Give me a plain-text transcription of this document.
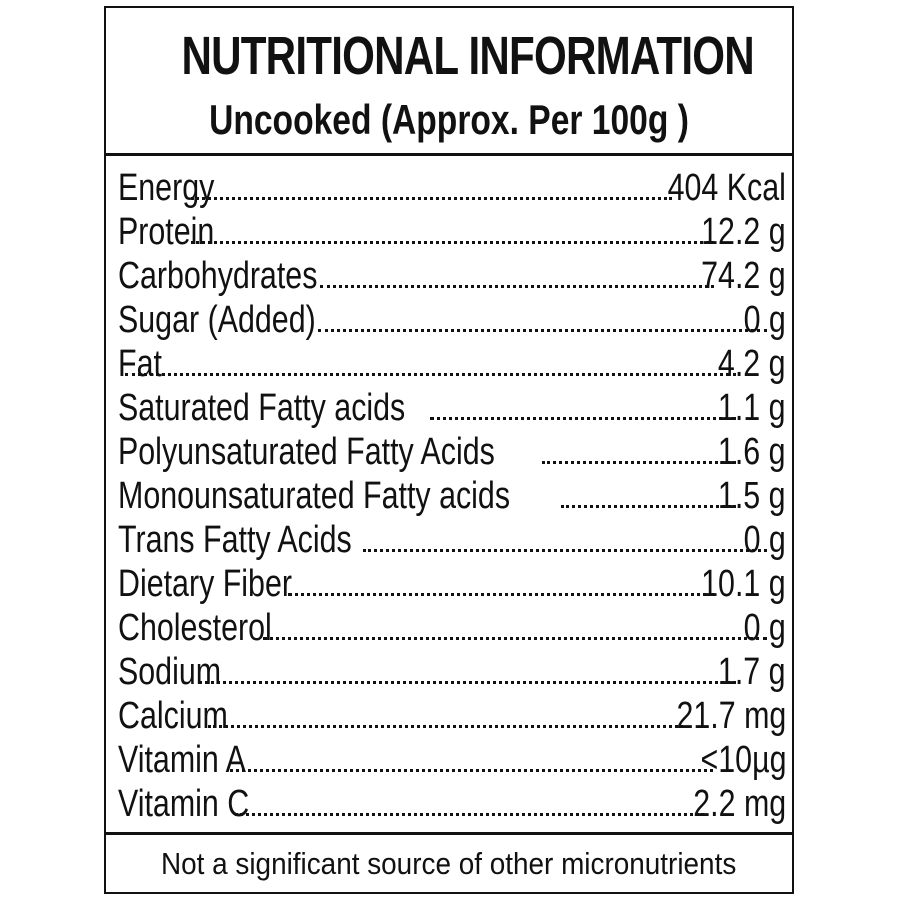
NUTRITIONAL INFORMATION
Uncooked (Approx. Per 100g )
Energy	404 Kcal
Protein	12.2 g
Carbohydrates	74.2 g
Sugar (Added)	0 g
Fat	4.2 g
Saturated Fatty acids	1.1 g
Polyunsaturated Fatty Acids	1.6 g
Monounsaturated Fatty acids	1.5 g
Trans Fatty Acids	0 g
Dietary Fiber	10.1 g
Cholesterol	0 g
Sodium	1.7 g
Calcium	21.7 mg
Vitamin A	<10µg
Vitamin C	2.2 mg
Not a significant source of other micronutrients
